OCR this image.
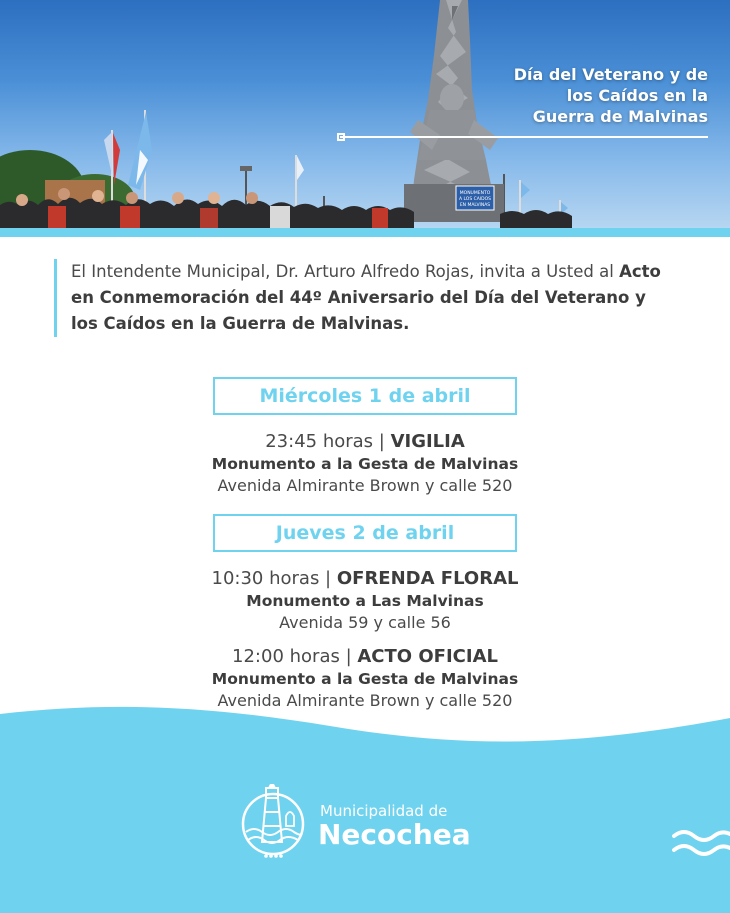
MONUMENTO
A LOS CAIDOS
EN MALVINAS
Día del Veterano y de los Caídos en la Guerra de Malvinas
El Intendente Municipal, Dr. Arturo Alfredo Rojas, invita a Usted al Acto en Conmemoración del 44º Aniversario del Día del Veterano y los Caídos en la Guerra de Malvinas.
Miércoles 1 de abril
23:45 horas | VIGILIA
Monumento a la Gesta de Malvinas
Avenida Almirante Brown y calle 520
Jueves 2 de abril
10:30 horas | OFRENDA FLORAL
Monumento a Las Malvinas
Avenida 59 y calle 56
12:00 horas | ACTO OFICIAL
Monumento a la Gesta de Malvinas
Avenida Almirante Brown y calle 520
Municipalidad de
Necochea
